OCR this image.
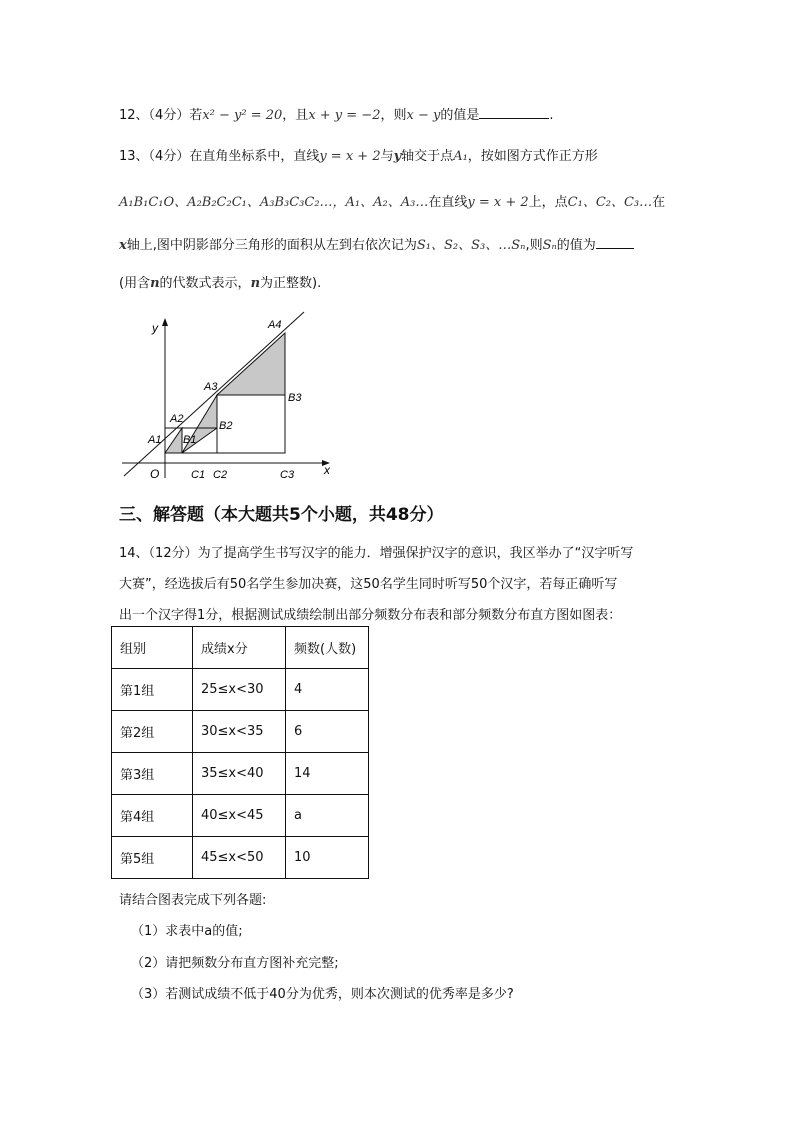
12、（4分）若x² − y² = 20，且x + y = −2，则x − y的值是	.
13、（4分）在直角坐标系中，直线y = x + 2与y轴交于点A₁，按如图方式作正方形
A₁B₁C₁O、A₂B₂C₂C₁、A₃B₃C₃C₂…，A₁、A₂、A₃…在直线y = x + 2上，点C₁、C₂、C₃…在
x轴上,图中阴影部分三角形的面积从左到右依次记为S₁、S₂、S₃、…Sₙ,则Sₙ的值为
(用含n的代数式表示，n为正整数).
y
x
O
A1
A2
A3
A4
B1
B2
B3
C1 C2	C3
三、解答题（本大题共5个小题，共48分）
14、（12分）为了提高学生书写汉字的能力．增强保护汉字的意识，我区举办了“汉字听写
大赛”，经选拔后有50名学生参加决赛，这50名学生同时听写50个汉字，若每正确听写
出一个汉字得1分，根据测试成绩绘制出部分频数分布表和部分频数分布直方图如图表：
组别	成绩x分	频数(人数)
第1组	25≤x<30	4
第2组	30≤x<35	6
第3组	35≤x<40	14
第4组	40≤x<45	a
第5组	45≤x<50	10
请结合图表完成下列各题:
（1）求表中a的值;
（2）请把频数分布直方图补充完整;
（3）若测试成绩不低于40分为优秀，则本次测试的优秀率是多少?
